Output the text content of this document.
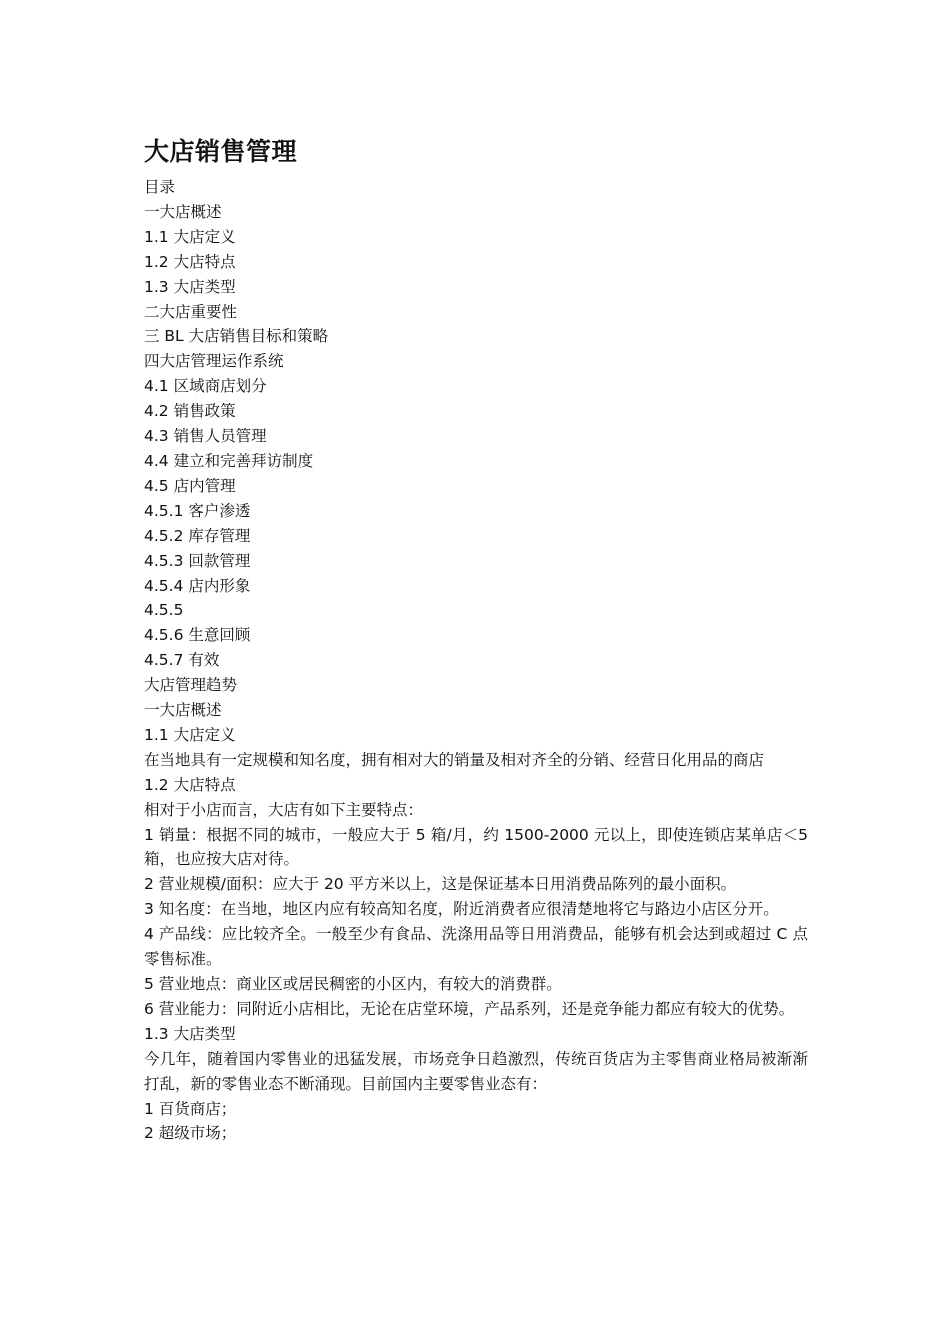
大店销售管理

目录

一大店概述

1.1 大店定义

1.2 大店特点

1.3 大店类型

二大店重要性

三 BL 大店销售目标和策略

四大店管理运作系统

4.1 区域商店划分

4.2 销售政策

4.3 销售人员管理

4.4 建立和完善拜访制度

4.5 店内管理

4.5.1 客户渗透

4.5.2 库存管理

4.5.3 回款管理

4.5.4 店内形象

4.5.5

4.5.6 生意回顾

4.5.7 有效

大店管理趋势

一大店概述

1.1 大店定义

在当地具有一定规模和知名度，拥有相对大的销量及相对齐全的分销、经营日化用品的商店

1.2 大店特点

相对于小店而言，大店有如下主要特点：

1 销量：根据不同的城市，一般应大于 5 箱/月，约 1500-2000 元以上，即使连锁店某单店＜5 箱，也应按大店对待。

2 营业规模/面积：应大于 20 平方米以上，这是保证基本日用消费品陈列的最小面积。

3 知名度：在当地，地区内应有较高知名度，附近消费者应很清楚地将它与路边小店区分开。

4 产品线：应比较齐全。一般至少有食品、洗涤用品等日用消费品，能够有机会达到或超过 C 点零售标准。

5 营业地点：商业区或居民稠密的小区内，有较大的消费群。

6 营业能力：同附近小店相比，无论在店堂环境，产品系列，还是竞争能力都应有较大的优势。

1.3 大店类型

今几年，随着国内零售业的迅猛发展，市场竞争日趋激烈，传统百货店为主零售商业格局被渐渐打乱，新的零售业态不断涌现。目前国内主要零售业态有：

1 百货商店；

2 超级市场；
